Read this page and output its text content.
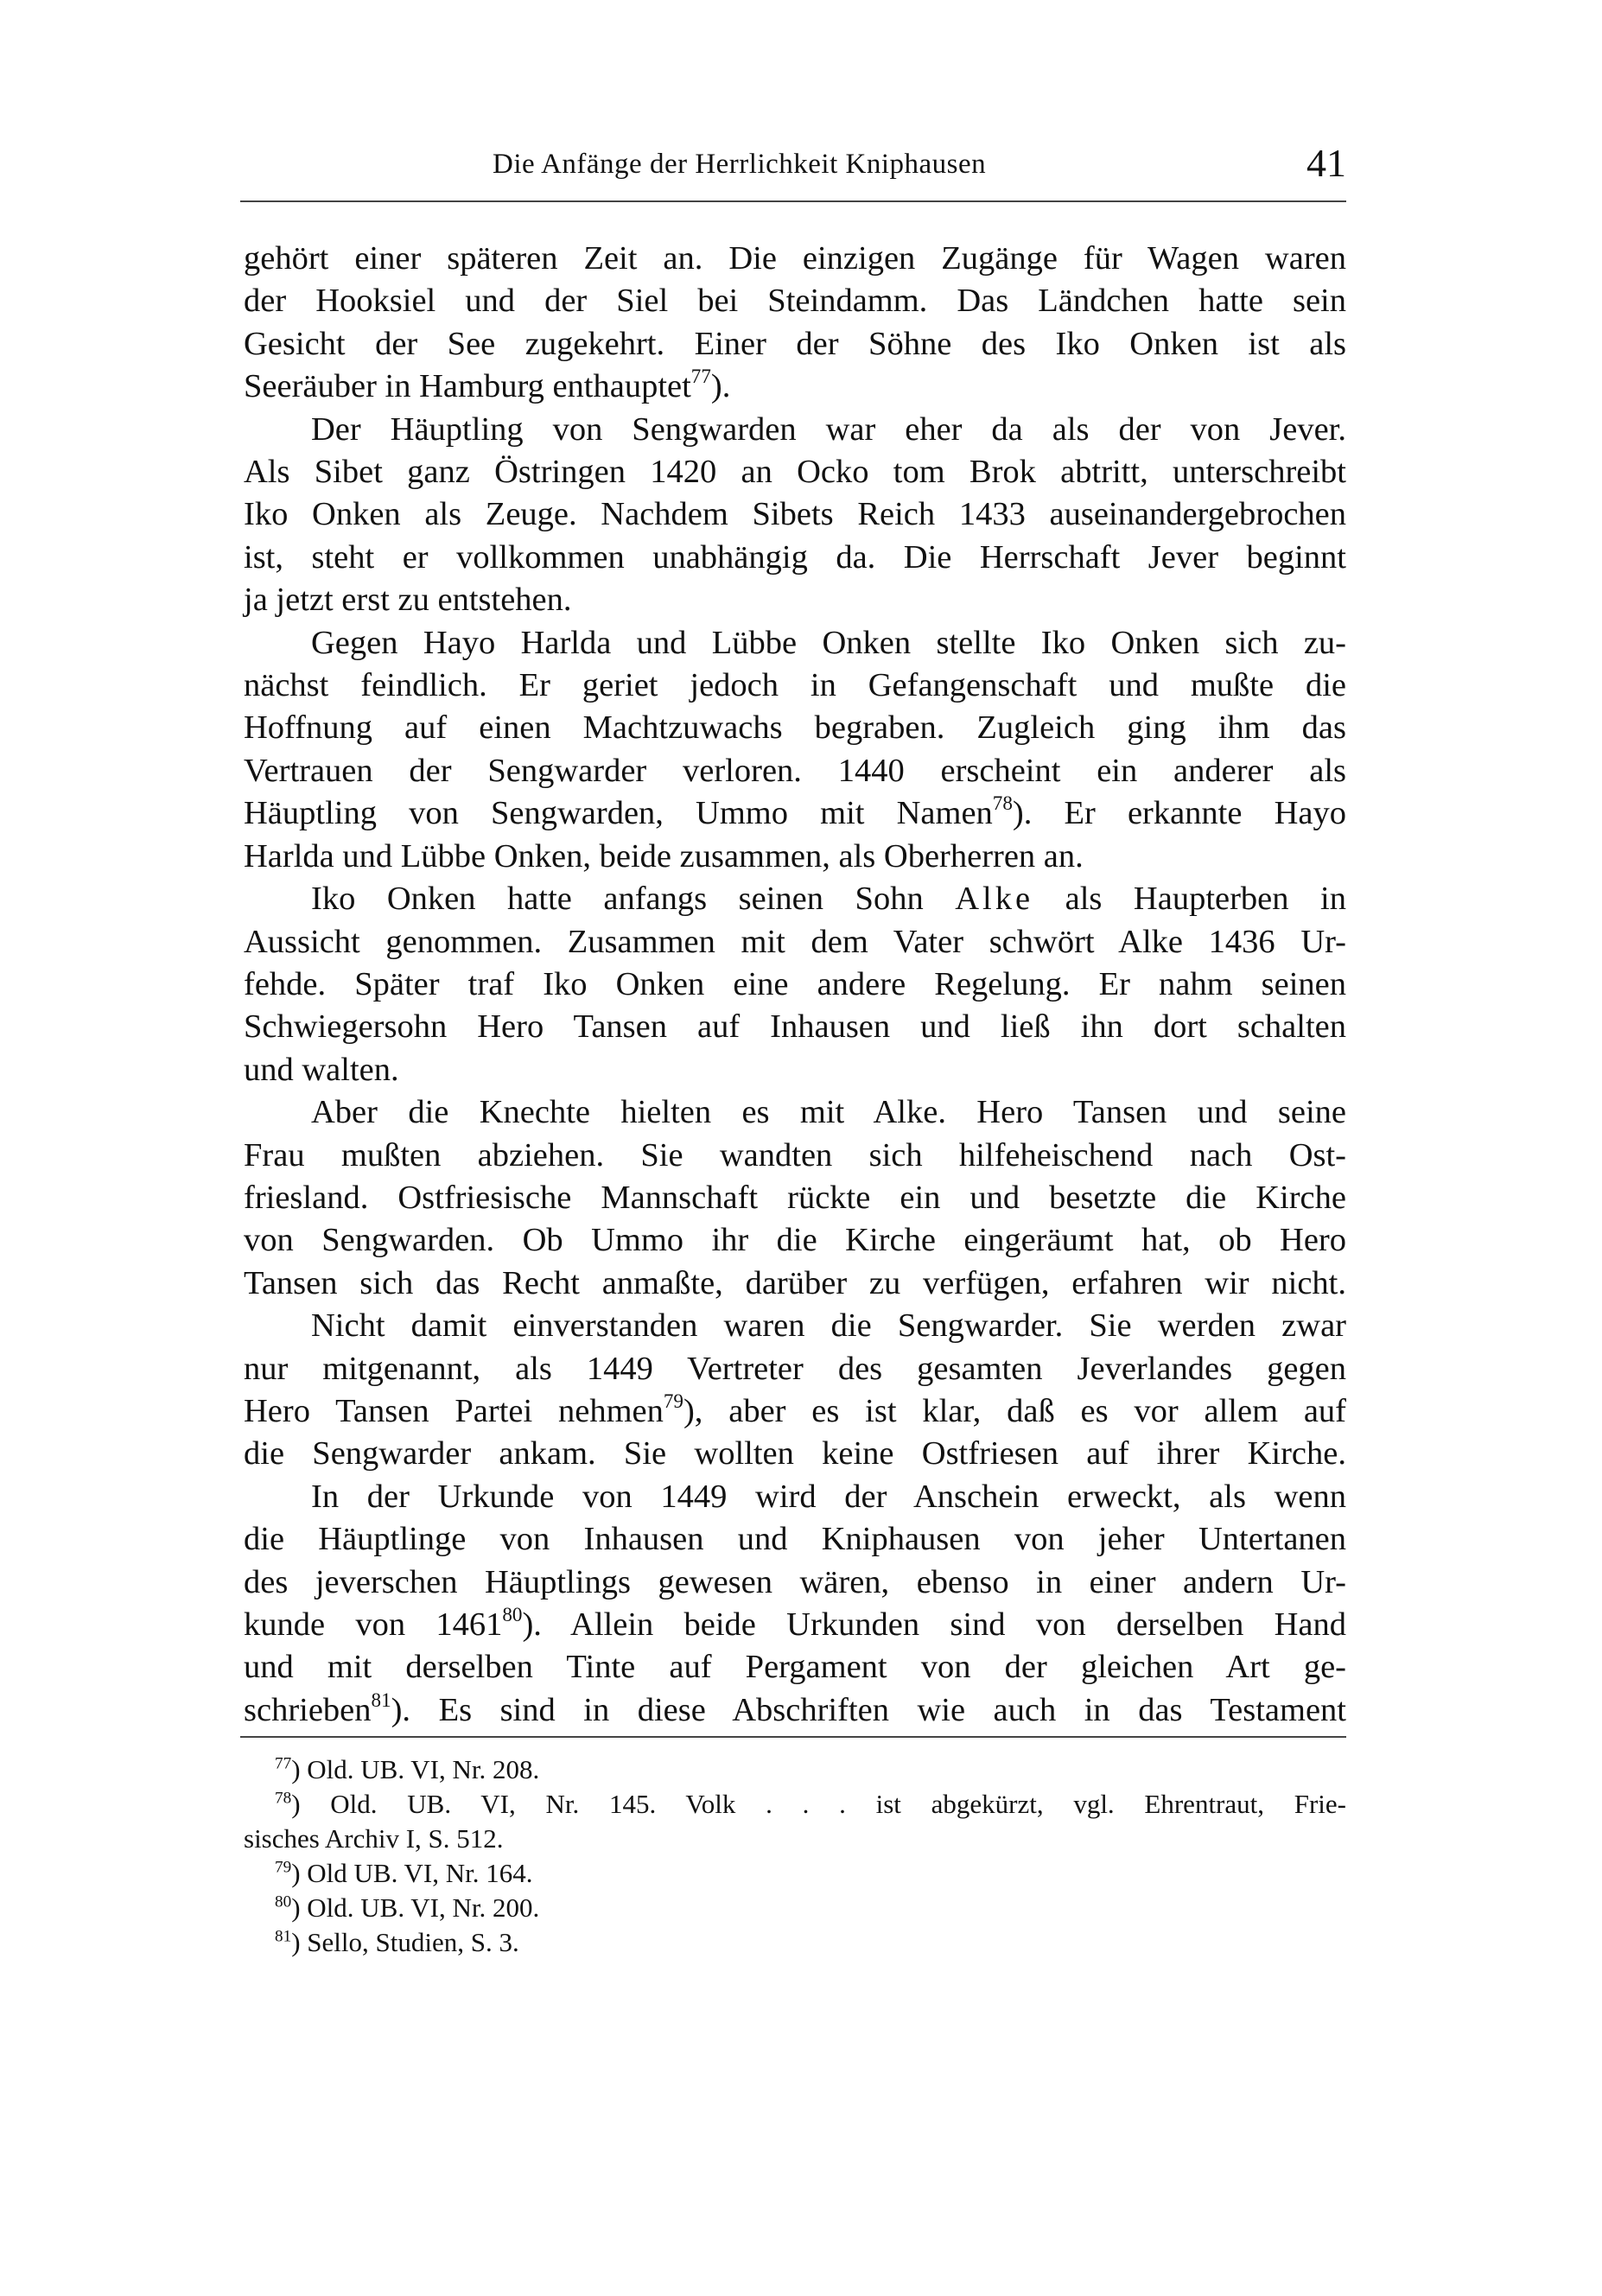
Die Anfänge der Herrlichkeit Kniphausen	41

gehört einer späteren Zeit an. Die einzigen Zugänge für Wagen waren
der Hooksiel und der Siel bei Steindamm. Das Ländchen hatte sein
Gesicht der See zugekehrt. Einer der Söhne des Iko Onken ist als
Seeräuber in Hamburg enthauptet$^{77}$).

Der Häuptling von Sengwarden war eher da als der von Jever.
Als Sibet ganz Östringen 1420 an Ocko tom Brok abtritt, unterschreibt
Iko Onken als Zeuge. Nachdem Sibets Reich 1433 auseinandergebrochen
ist, steht er vollkommen unabhängig da. Die Herrschaft Jever beginnt
ja jetzt erst zu entstehen.

Gegen Hayo Harlda und Lübbe Onken stellte Iko Onken sich zu-
nächst feindlich. Er geriet jedoch in Gefangenschaft und mußte die
Hoffnung auf einen Machtzuwachs begraben. Zugleich ging ihm das
Vertrauen der Sengwarder verloren. 1440 erscheint ein anderer als
Häuptling von Sengwarden, Ummo mit Namen$^{78}$). Er erkannte Hayo
Harlda und Lübbe Onken, beide zusammen, als Oberherren an.

Iko Onken hatte anfangs seinen Sohn Alke als Haupterben in
Aussicht genommen. Zusammen mit dem Vater schwört Alke 1436 Ur-
fehde. Später traf Iko Onken eine andere Regelung. Er nahm seinen
Schwiegersohn Hero Tansen auf Inhausen und ließ ihn dort schalten
und walten.

Aber die Knechte hielten es mit Alke. Hero Tansen und seine
Frau mußten abziehen. Sie wandten sich hilfeheischend nach Ost-
friesland. Ostfriesische Mannschaft rückte ein und besetzte die Kirche
von Sengwarden. Ob Ummo ihr die Kirche eingeräumt hat, ob Hero
Tansen sich das Recht anmaßte, darüber zu verfügen, erfahren wir nicht.

Nicht damit einverstanden waren die Sengwarder. Sie werden zwar
nur mitgenannt, als 1449 Vertreter des gesamten Jeverlandes gegen
Hero Tansen Partei nehmen$^{79}$), aber es ist klar, daß es vor allem auf
die Sengwarder ankam. Sie wollten keine Ostfriesen auf ihrer Kirche.

In der Urkunde von 1449 wird der Anschein erweckt, als wenn
die Häuptlinge von Inhausen und Kniphausen von jeher Untertanen
des jeverschen Häuptlings gewesen wären, ebenso in einer andern Ur-
kunde von 1461$^{80}$). Allein beide Urkunden sind von derselben Hand
und mit derselben Tinte auf Pergament von der gleichen Art ge-
schrieben$^{81}$). Es sind in diese Abschriften wie auch in das Testament

$^{77}$) Old. UB. VI, Nr. 208.
$^{78}$) Old. UB. VI, Nr. 145. Volk . . . ist abgekürzt, vgl. Ehrentraut, Frie-
sisches Archiv I, S. 512.
$^{79}$) Old UB. VI, Nr. 164.
$^{80}$) Old. UB. VI, Nr. 200.
$^{81}$) Sello, Studien, S. 3.
